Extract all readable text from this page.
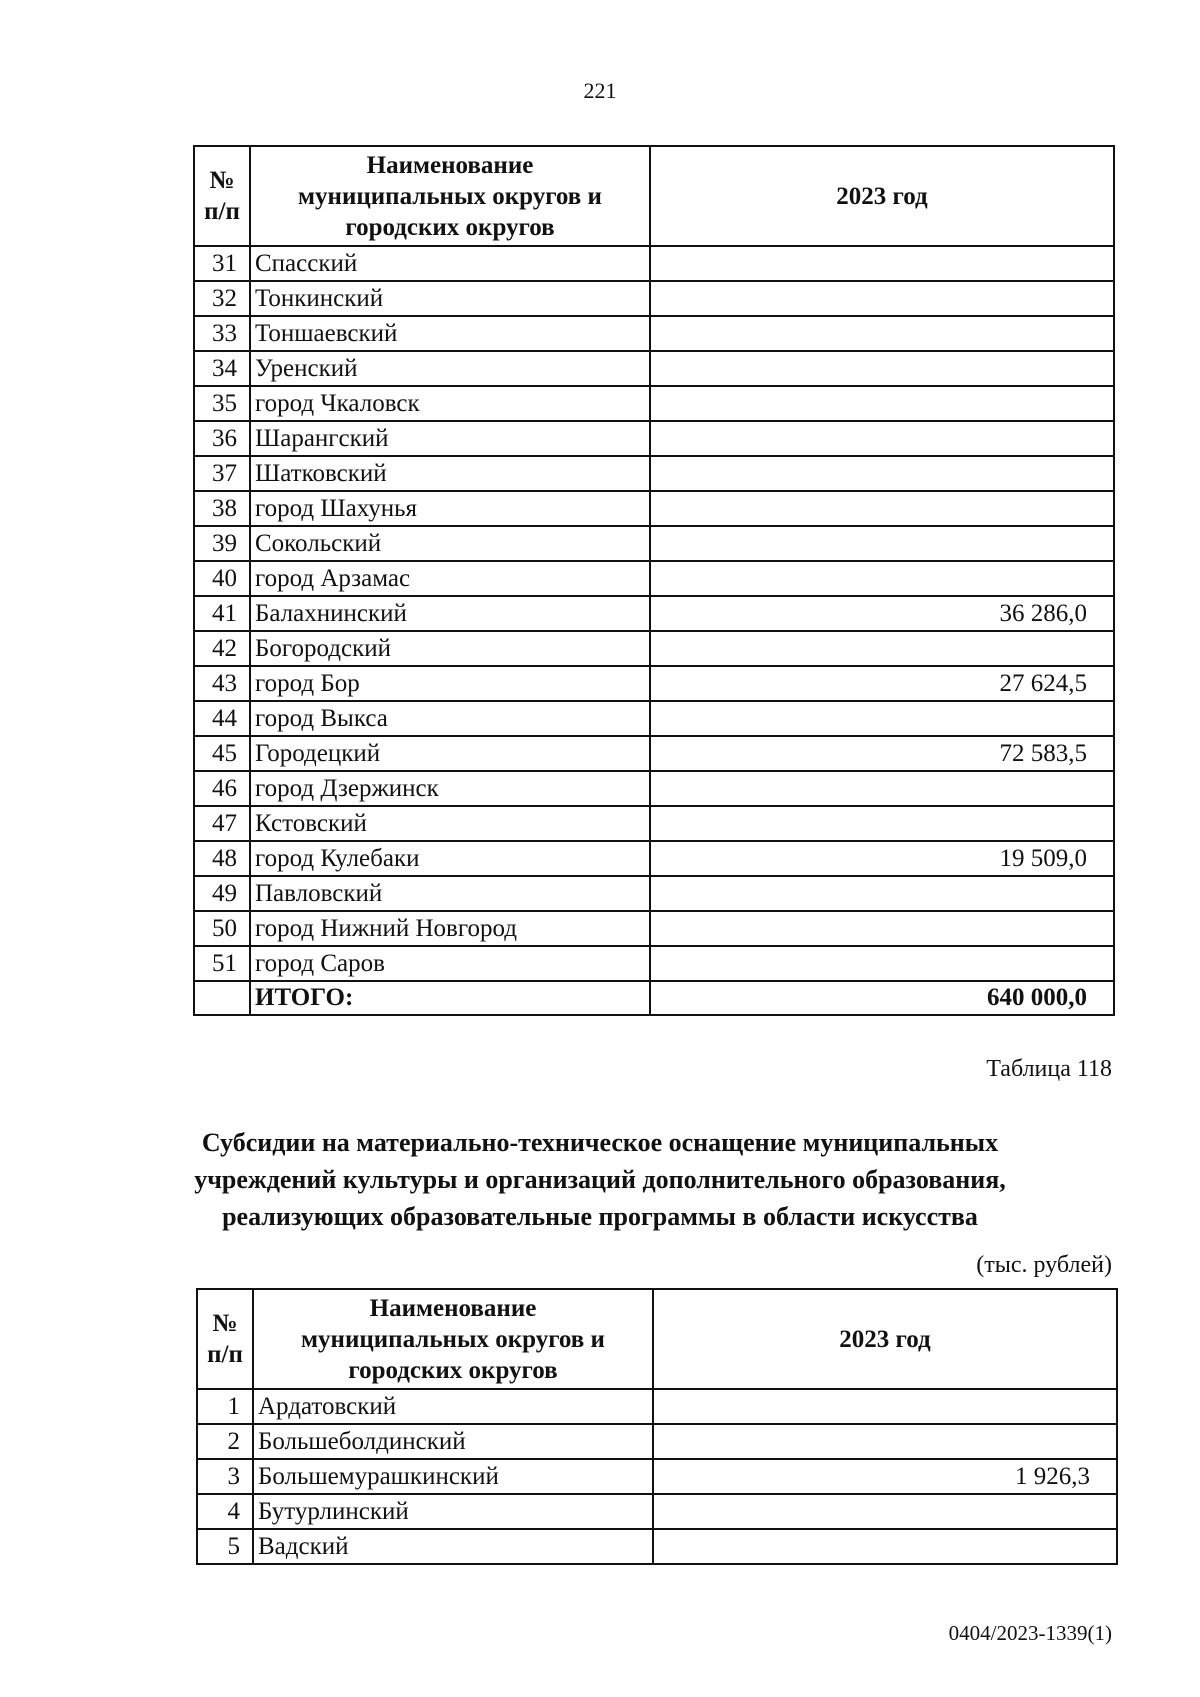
221
№ п/п	Наименование муниципальных округов и городских округов	2023 год
31	Спасский	
32	Тонкинский	
33	Тоншаевский	
34	Уренский	
35	город Чкаловск	
36	Шарангский	
37	Шатковский	
38	город Шахунья	
39	Сокольский	
40	город Арзамас	
41	Балахнинский	36 286,0
42	Богородский	
43	город Бор	27 624,5
44	город Выкса	
45	Городецкий	72 583,5
46	город Дзержинск	
47	Кстовский	
48	город Кулебаки	19 509,0
49	Павловский	
50	город Нижний Новгород	
51	город Саров	
	ИТОГО:	640 000,0
Таблица 118
Субсидии на материально-техническое оснащение муниципальных
учреждений культуры и организаций дополнительного образования,
реализующих образовательные программы в области искусства
(тыс. рублей)
№ п/п	Наименование муниципальных округов и городских округов	2023 год
1	Ардатовский	
2	Большеболдинский	
3	Большемурашкинский	1 926,3
4	Бутурлинский	
5	Вадский	
0404/2023-1339(1)
